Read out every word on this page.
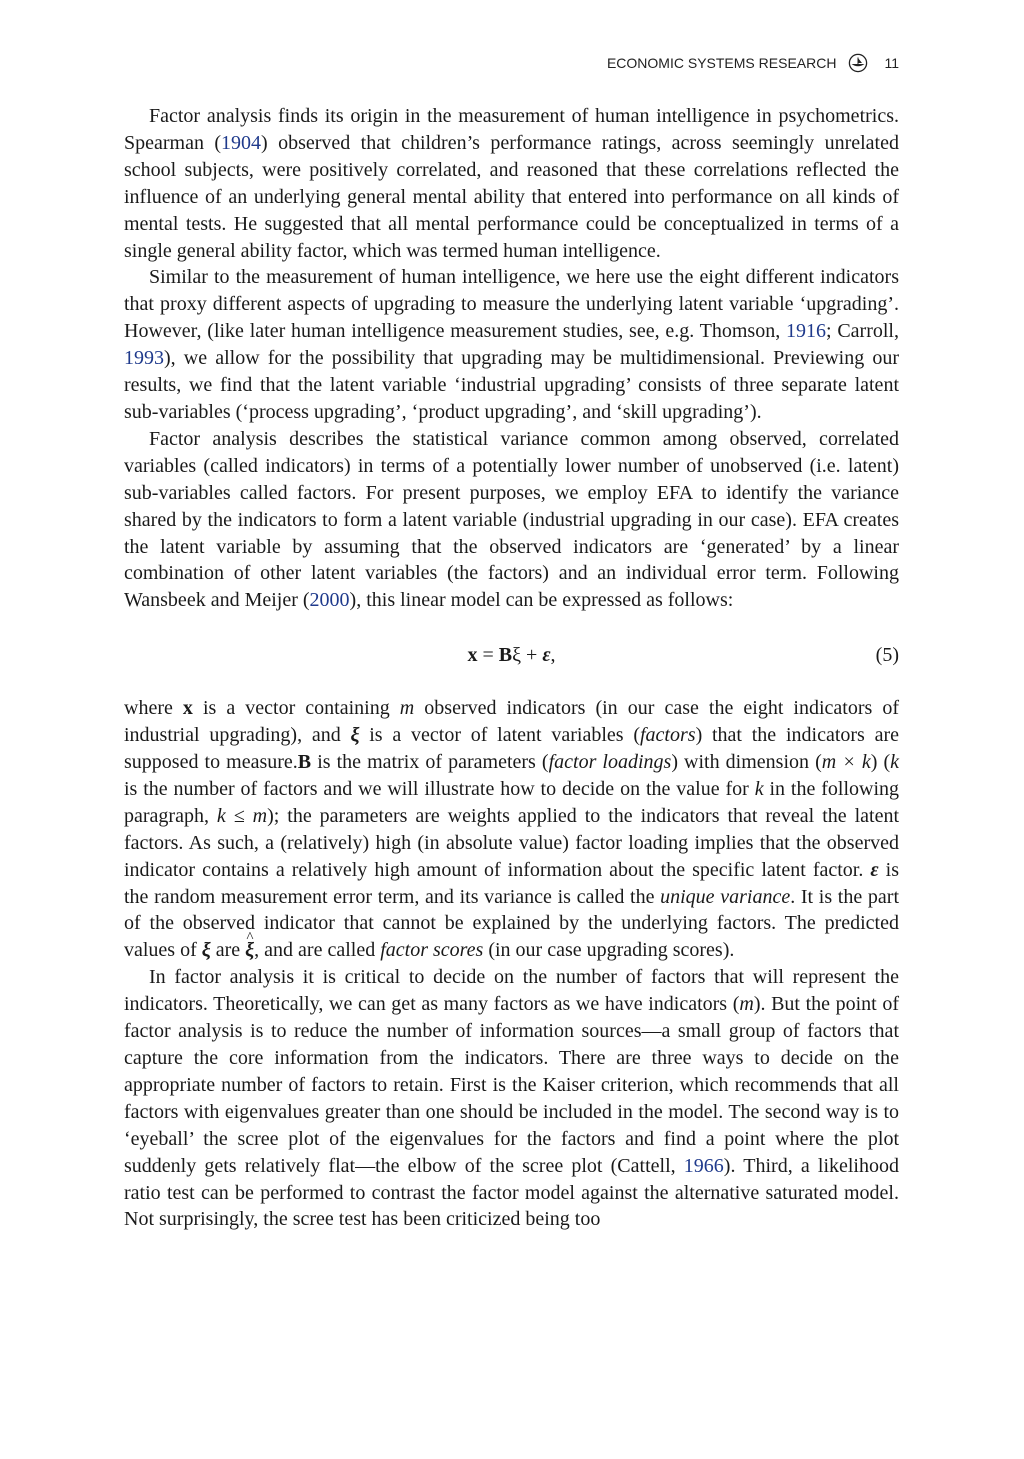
ECONOMIC SYSTEMS RESEARCH	11

Factor analysis finds its origin in the measurement of human intelligence in psychometrics. Spearman (1904) observed that children’s performance ratings, across seemingly unrelated school subjects, were positively correlated, and reasoned that these correlations reflected the influence of an underlying general mental ability that entered into performance on all kinds of mental tests. He suggested that all mental performance could be conceptualized in terms of a single general ability factor, which was termed human intelligence.

Similar to the measurement of human intelligence, we here use the eight different indicators that proxy different aspects of upgrading to measure the underlying latent variable ‘upgrading’. However, (like later human intelligence measurement studies, see, e.g. Thomson, 1916; Carroll, 1993), we allow for the possibility that upgrading may be multidimensional. Previewing our results, we find that the latent variable ‘industrial upgrading’ consists of three separate latent sub-variables (‘process upgrading’, ‘product upgrading’, and ‘skill upgrading’).

Factor analysis describes the statistical variance common among observed, correlated variables (called indicators) in terms of a potentially lower number of unobserved (i.e. latent) sub-variables called factors. For present purposes, we employ EFA to identify the variance shared by the indicators to form a latent variable (industrial upgrading in our case). EFA creates the latent variable by assuming that the observed indicators are ‘generated’ by a linear combination of other latent variables (the factors) and an individual error term. Following Wansbeek and Meijer (2000), this linear model can be expressed as follows:

x = Bξ + ε,	(5)

where x is a vector containing m observed indicators (in our case the eight indicators of industrial upgrading), and ξ is a vector of latent variables (factors) that the indicators are supposed to measure.B is the matrix of parameters (factor loadings) with dimension (m × k) (k is the number of factors and we will illustrate how to decide on the value for k in the following paragraph, k ≤ m); the parameters are weights applied to the indicators that reveal the latent factors. As such, a (relatively) high (in absolute value) factor loading implies that the observed indicator contains a relatively high amount of information about the specific latent factor. ε is the random measurement error term, and its variance is called the unique variance. It is the part of the observed indicator that cannot be explained by the underlying factors. The predicted values of ξ are ^ ξ, and are called factor scores (in our case upgrading scores).

In factor analysis it is critical to decide on the number of factors that will represent the indicators. Theoretically, we can get as many factors as we have indicators (m). But the point of factor analysis is to reduce the number of information sources—a small group of factors that capture the core information from the indicators. There are three ways to decide on the appropriate number of factors to retain. First is the Kaiser criterion, which recommends that all factors with eigenvalues greater than one should be included in the model. The second way is to ‘eyeball’ the scree plot of the eigenvalues for the factors and find a point where the plot suddenly gets relatively flat—the elbow of the scree plot (Cattell, 1966). Third, a likelihood ratio test can be performed to contrast the factor model against the alternative saturated model. Not surprisingly, the scree test has been criticized being too
